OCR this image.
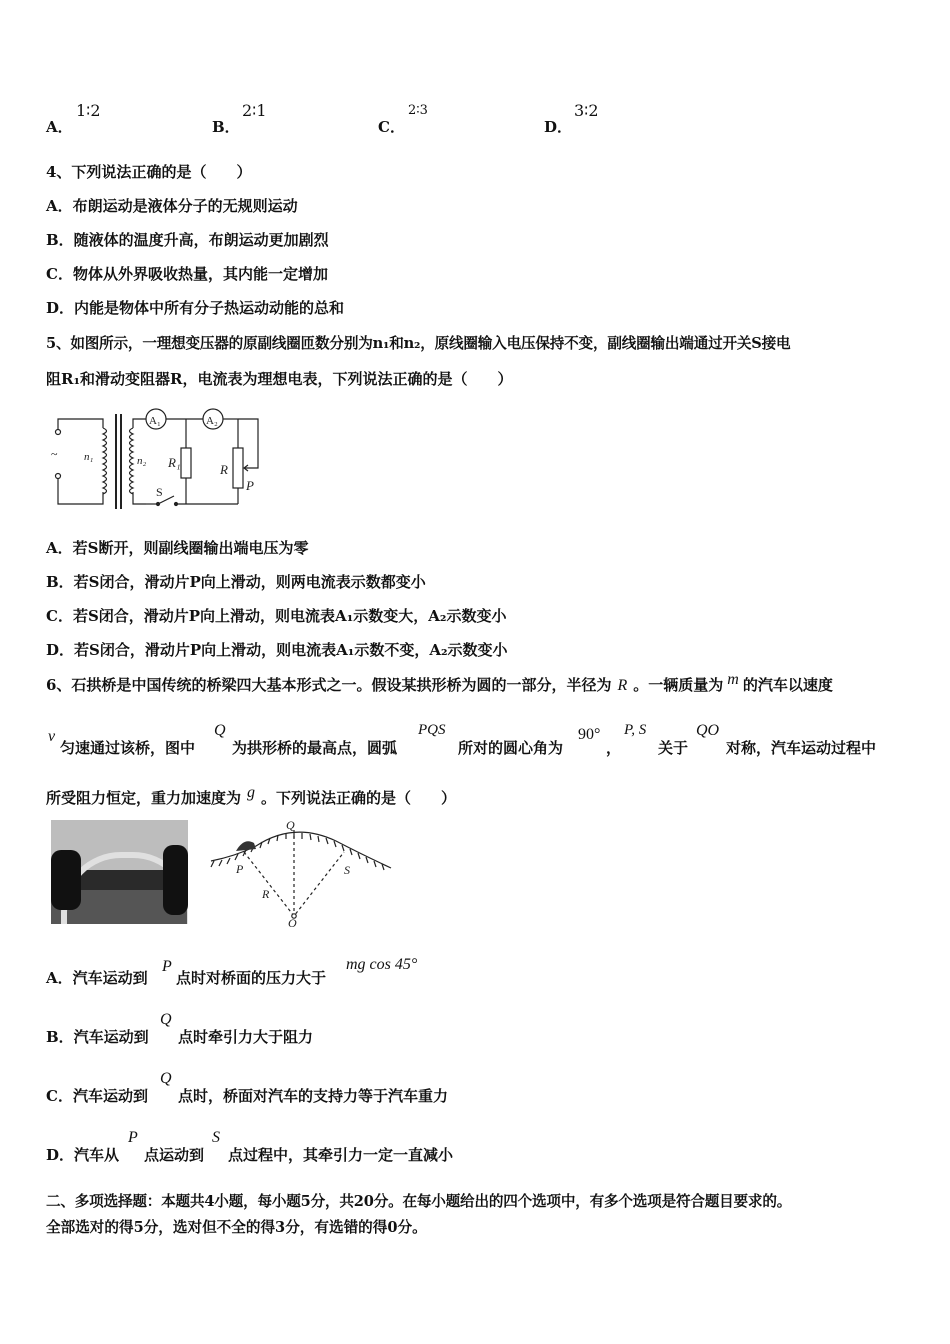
A．
1∶2
B．
2∶1
C．
2∶3
D．
3∶2
4、下列说法正确的是（　　）
A．布朗运动是液体分子的无规则运动
B．随液体的温度升高，布朗运动更加剧烈
C．物体从外界吸收热量，其内能一定增加
D．内能是物体中所有分子热运动动能的总和
5、如图所示，一理想变压器的原副线圈匝数分别为n₁和n₂，原线圈输入电压保持不变，副线圈输出端通过开关S接电
阻R₁和滑动变阻器R，电流表为理想电表，下列说法正确的是（　　）
~ n₁	n₂
A₁	A₂
R₁	R
P
S
A．若S断开，则副线圈输出端电压为零
B．若S闭合，滑动片P向上滑动，则两电流表示数都变小
C．若S闭合，滑动片P向上滑动，则电流表A₁示数变大，A₂示数变小
D．若S闭合，滑动片P向上滑动，则电流表A₁示数不变，A₂示数变小
6、石拱桥是中国传统的桥梁四大基本形式之一。假设某拱形桥为圆的一部分，半径为 R 。一辆质量为 m 的汽车以速度
v
匀速通过该桥，图中
Q
为拱形桥的最高点，圆弧
PQS
所对的圆心角为
90°
，
P, S
关于
QO
对称，汽车运动过程中
所受阻力恒定，重力加速度为 g 。下列说法正确的是（　　）
Q
P	S
R
O
A．汽车运动到
P
点时对桥面的压力大于
mg cos 45°
B．汽车运动到
Q
点时牵引力大于阻力
C．汽车运动到
Q
点时，桥面对汽车的支持力等于汽车重力
D．汽车从
P
点运动到
S
点过程中，其牵引力一定一直减小
二、多项选择题：本题共4小题，每小题5分，共20分。在每小题给出的四个选项中，有多个选项是符合题目要求的。
全部选对的得5分，选对但不全的得3分，有选错的得0分。
